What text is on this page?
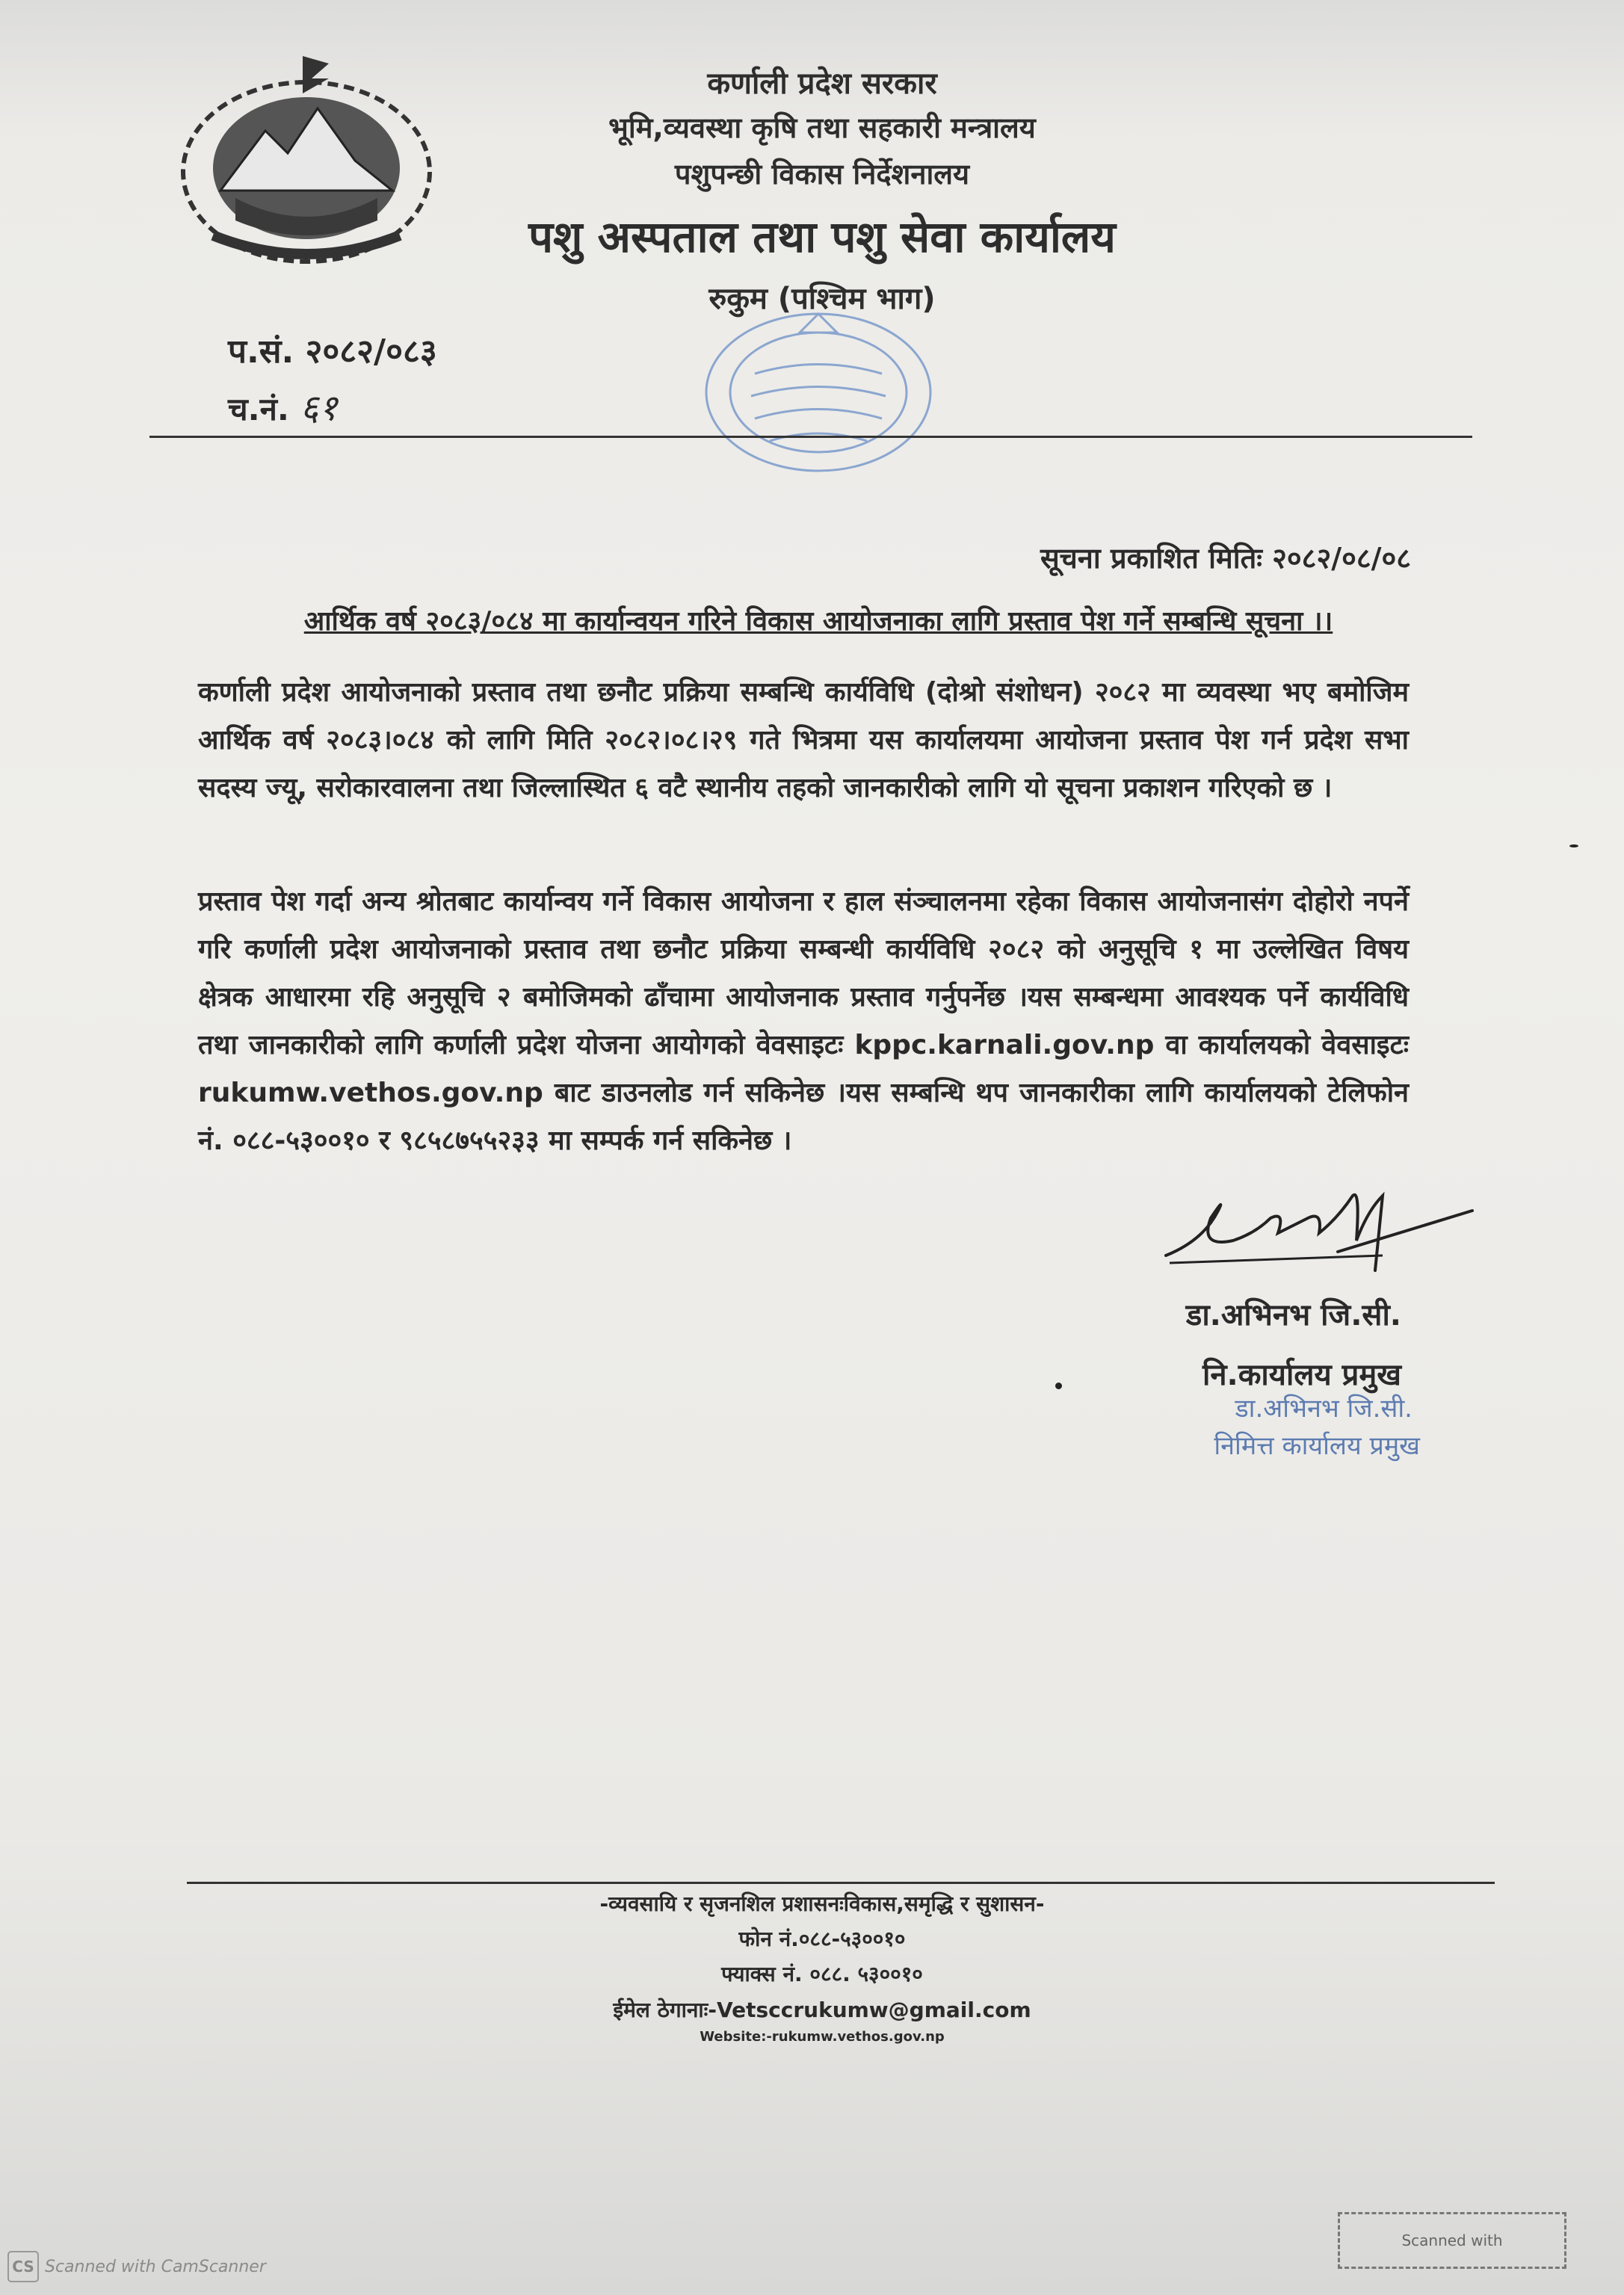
कर्णाली प्रदेश सरकार
भूमि,व्यवस्था कृषि तथा सहकारी मन्त्रालय
पशुपन्छी विकास निर्देशनालय
पशु अस्पताल तथा पशु सेवा कार्यालय
रुकुम (पश्चिम भाग)
प.सं. २०८२/०८३
च.नं. ६१
सूचना प्रकाशित मितिः २०८२/०८/०८
आर्थिक वर्ष २०८३/०८४ मा कार्यान्वयन गरिने विकास आयोजनाका लागि प्रस्ताव पेश गर्ने सम्बन्धि सूचना ।।
कर्णाली प्रदेश आयोजनाको प्रस्ताव तथा छनौट प्रक्रिया सम्बन्धि कार्यविधि (दोश्रो संशोधन) २०८२ मा व्यवस्था भए बमोजिम आर्थिक वर्ष २०८३।०८४ को लागि मिति २०८२।०८।२९ गते भित्रमा यस कार्यालयमा आयोजना प्रस्ताव पेश गर्न प्रदेश सभा सदस्य ज्यू, सरोकारवालना तथा जिल्लास्थित ६ वटै स्थानीय तहको जानकारीको लागि यो सूचना प्रकाशन गरिएको छ ।
प्रस्ताव पेश गर्दा अन्य श्रोतबाट कार्यान्वय गर्ने विकास आयोजना र हाल संञ्चालनमा रहेका विकास आयोजनासंग दोहोरो नपर्ने गरि कर्णाली प्रदेश आयोजनाको प्रस्ताव तथा छनौट प्रक्रिया सम्बन्धी कार्यविधि २०८२ को अनुसूचि १ मा उल्लेखित विषय क्षेत्रक आधारमा रहि अनुसूचि २ बमोजिमको ढाँचामा आयोजनाक प्रस्ताव गर्नुपर्नेछ ।यस सम्बन्धमा आवश्यक पर्ने कार्यविधि तथा जानकारीको लागि कर्णाली प्रदेश योजना आयोगको वेवसाइटः kppc.karnali.gov.np वा कार्यालयको वेवसाइटः rukumw.vethos.gov.np बाट डाउनलोड गर्न सकिनेछ ।यस सम्बन्धि थप जानकारीका लागि कार्यालयको टेलिफोन नं. ०८८-५३००१० र ९८५८७५५२३३ मा सम्पर्क गर्न सकिनेछ ।
डा.अभिनभ जि.सी.
नि.कार्यालय प्रमुख
डा.अभिनभ जि.सी.
निमित्त कार्यालय प्रमुख
-व्यवसायि र सृजनशिल प्रशासनःविकास,समृद्धि र सुशासन-
फोन नं.०८८-५३००१०
फ्याक्स नं. ०८८. ५३००१०
ईमेल ठेगानाः-Vetsccrukumw@gmail.com
Website:-rukumw.vethos.gov.np
Scanned with
CS Scanned with CamScanner
